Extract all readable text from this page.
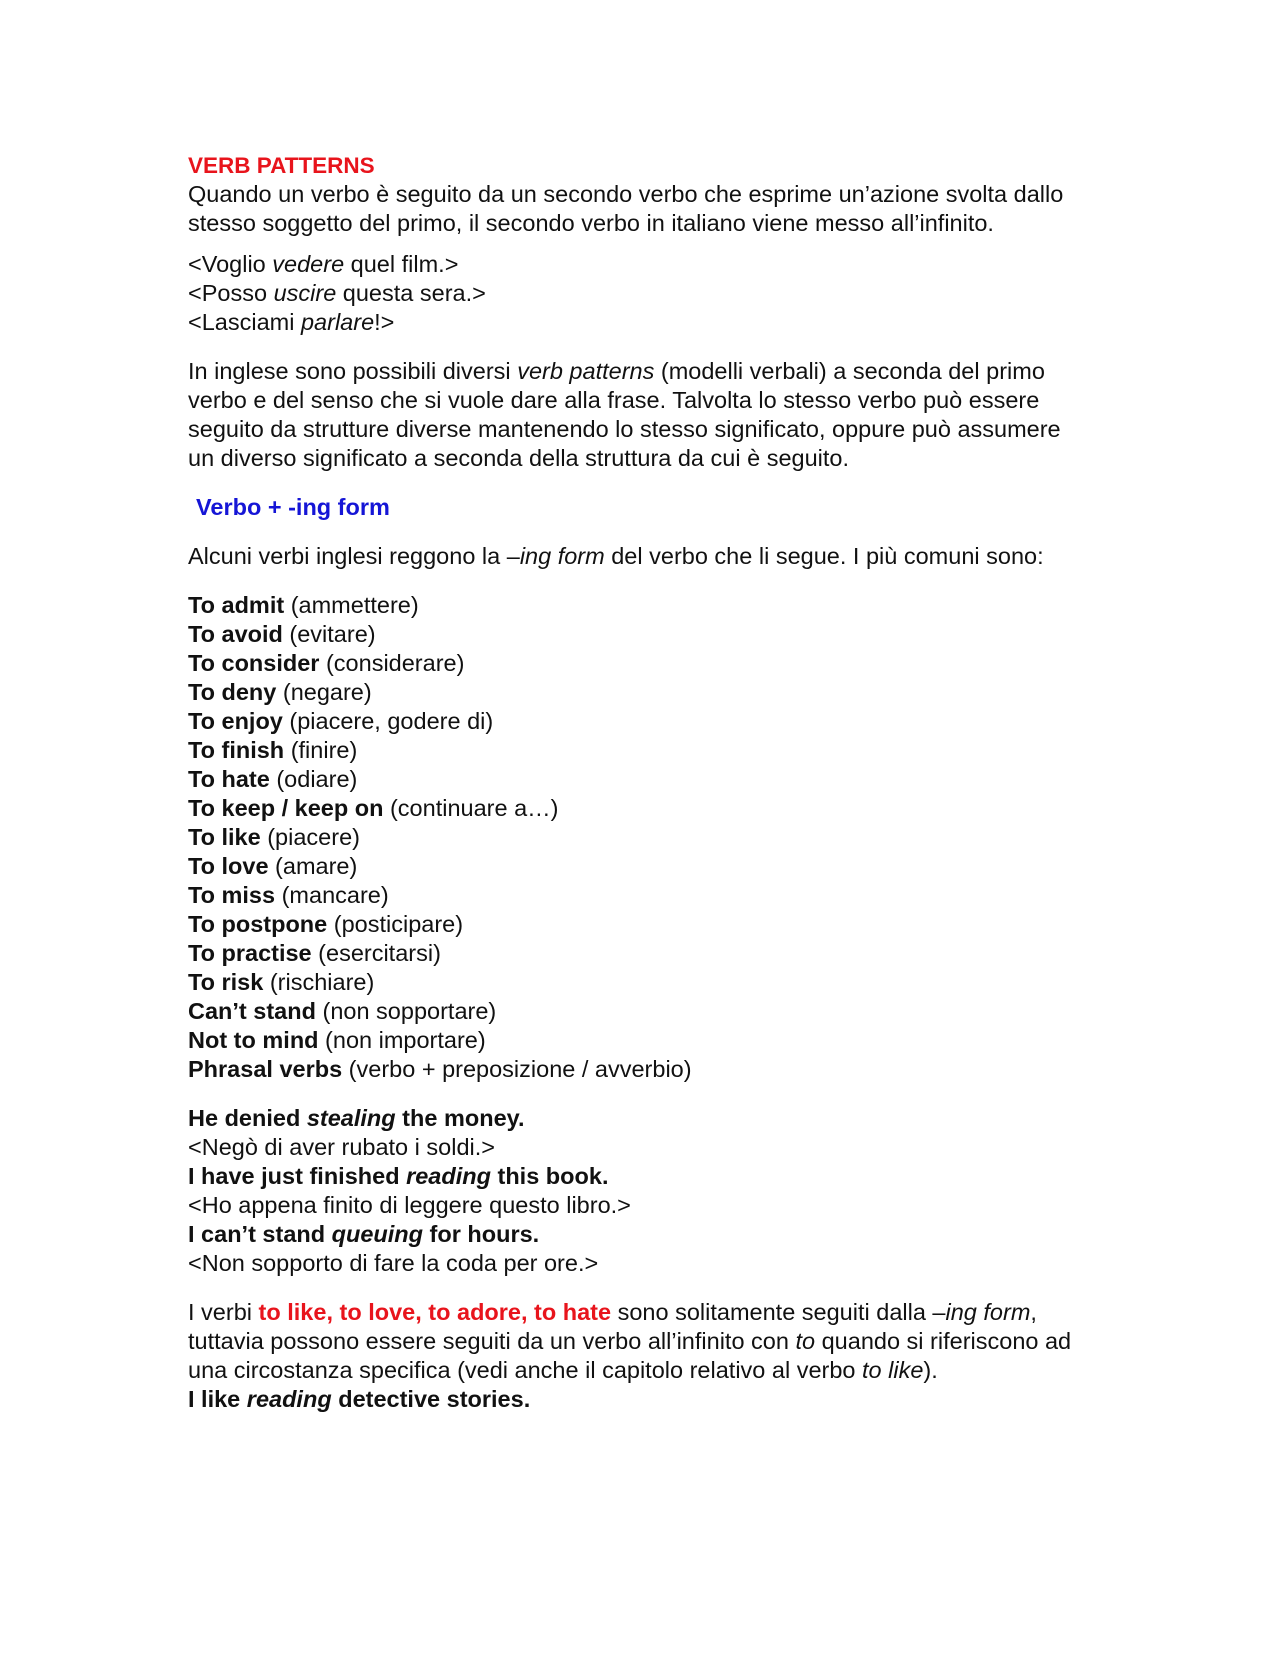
VERB PATTERNS

Quando un verbo è seguito da un secondo verbo che esprime un’azione svolta dallo stesso soggetto del primo, il secondo verbo in italiano viene messo all’infinito.

<Voglio vedere quel film.>
<Posso uscire questa sera.>
<Lasciami parlare!>

In inglese sono possibili diversi verb patterns (modelli verbali) a seconda del primo verbo e del senso che si vuole dare alla frase. Talvolta lo stesso verbo può essere seguito da strutture diverse mantenendo lo stesso significato, oppure può assumere un diverso significato a seconda della struttura da cui è seguito.

Verbo + -ing form

Alcuni verbi inglesi reggono la –ing form del verbo che li segue. I più comuni sono:

To admit (ammettere)
To avoid (evitare)
To consider (considerare)
To deny (negare)
To enjoy (piacere, godere di)
To finish (finire)
To hate (odiare)
To keep / keep on (continuare a…)
To like (piacere)
To love (amare)
To miss (mancare)
To postpone (posticipare)
To practise (esercitarsi)
To risk (rischiare)
Can’t stand (non sopportare)
Not to mind (non importare)
Phrasal verbs (verbo + preposizione / avverbio)
He denied stealing the money.
<Negò di aver rubato i soldi.>
I have just finished reading this book.
<Ho appena finito di leggere questo libro.>
I can’t stand queuing for hours.
<Non sopporto di fare la coda per ore.>

I verbi to like, to love, to adore, to hate sono solitamente seguiti dalla –ing form, tuttavia possono essere seguiti da un verbo all’infinito con to quando si riferiscono ad una circostanza specifica (vedi anche il capitolo relativo al verbo to like).

I like reading detective stories.
